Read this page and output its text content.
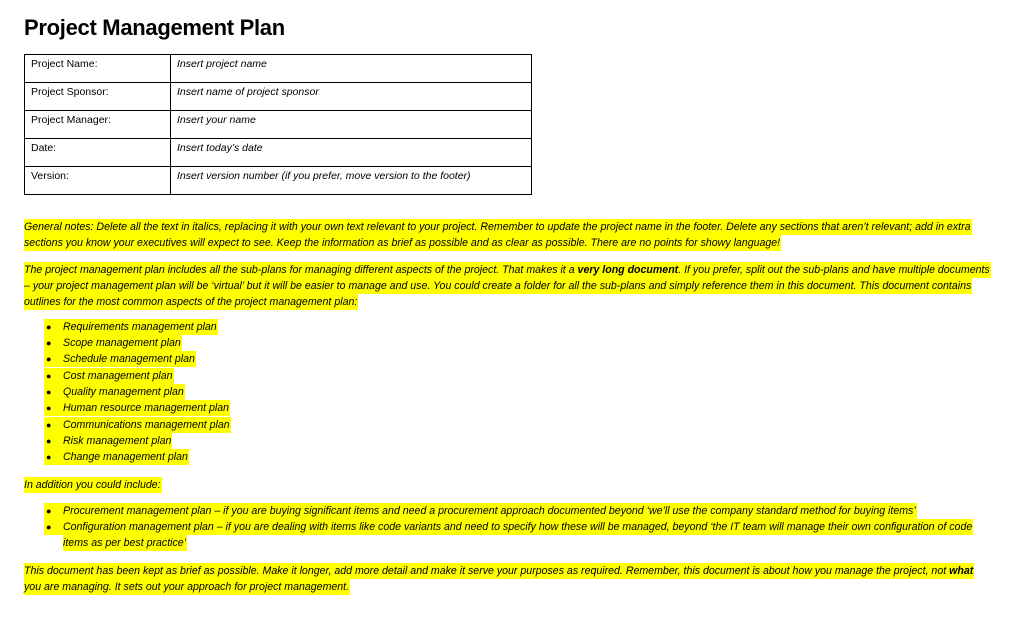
Project Management Plan
Project Name:	Insert project name
Project Sponsor:	Insert name of project sponsor
Project Manager:	Insert your name
Date:	Insert today’s date
Version:	Insert version number (if you prefer, move version to the footer)
General notes: Delete all the text in italics, replacing it with your own text relevant to your project. Remember to update the project name in the footer. Delete any sections that aren’t relevant; add in extra
sections you know your executives will expect to see. Keep the information as brief as possible and as clear as possible. There are no points for showy language!
The project management plan includes all the sub-plans for managing different aspects of the project. That makes it a very long document. If you prefer, split out the sub-plans and have multiple documents
– your project management plan will be ‘virtual’ but it will be easier to manage and use. You could create a folder for all the sub-plans and simply reference them in this document. This document contains
outlines for the most common aspects of the project management plan:
● Requirements management plan
● Scope management plan
● Schedule management plan
● Cost management plan
● Quality management plan
● Human resource management plan
● Communications management plan
● Risk management plan
● Change management plan
In addition you could include:
● Procurement management plan – if you are buying significant items and need a procurement approach documented beyond ‘we’ll use the company standard method for buying items’
● Configuration management plan – if you are dealing with items like code variants and need to specify how these will be managed, beyond ‘the IT team will manage their own configuration of code
items as per best practice’
This document has been kept as brief as possible. Make it longer, add more detail and make it serve your purposes as required. Remember, this document is about how you manage the project, not what
you are managing. It sets out your approach for project management.
